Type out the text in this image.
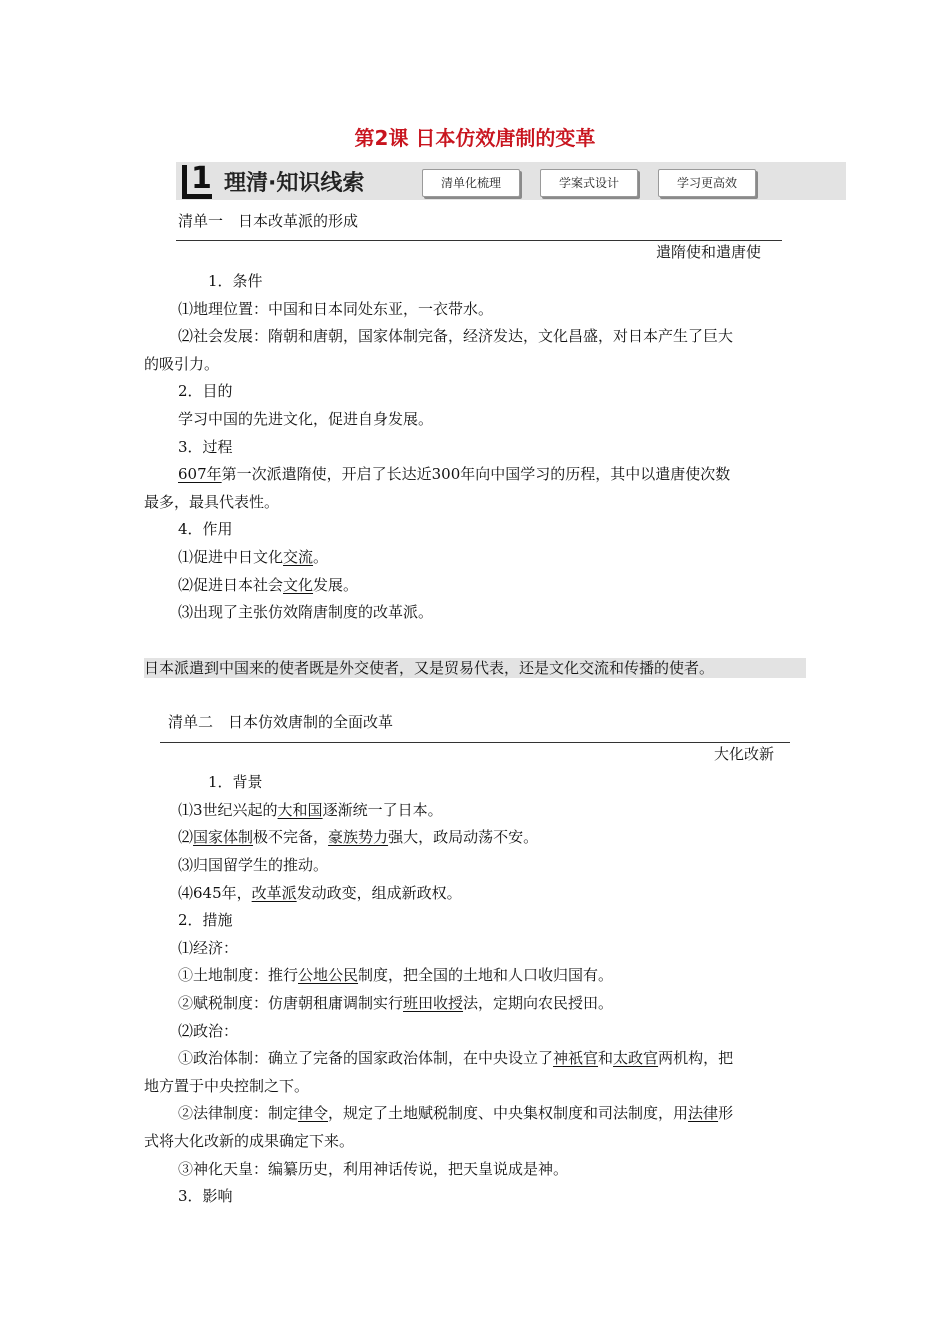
第2课 日本仿效唐制的变革
1 理清·知识线索	清单化梳理	学案式设计	学习更高效
清单一　日本改革派的形成
遣隋使和遣唐使
1．条件
⑴地理位置：中国和日本同处东亚，一衣带水。
⑵社会发展：隋朝和唐朝，国家体制完备，经济发达，文化昌盛，对日本产生了巨大
的吸引力。
2．目的
学习中国的先进文化，促进自身发展。
3．过程
607年第一次派遣隋使，开启了长达近300年向中国学习的历程，其中以遣唐使次数
最多，最具代表性。
4．作用
⑴促进中日文化交流。
⑵促进日本社会文化发展。
⑶出现了主张仿效隋唐制度的改革派。
日本派遣到中国来的使者既是外交使者，又是贸易代表，还是文化交流和传播的使者。
清单二　日本仿效唐制的全面改革
大化改新
1．背景
⑴3世纪兴起的大和国逐渐统一了日本。
⑵国家体制极不完备，豪族势力强大，政局动荡不安。
⑶归国留学生的推动。
⑷645年，改革派发动政变，组成新政权。
2．措施
⑴经济：
①土地制度：推行公地公民制度，把全国的土地和人口收归国有。
②赋税制度：仿唐朝租庸调制实行班田收授法，定期向农民授田。
⑵政治：
①政治体制：确立了完备的国家政治体制，在中央设立了神祇官和太政官两机构，把
地方置于中央控制之下。
②法律制度：制定律令，规定了土地赋税制度、中央集权制度和司法制度，用法律形
式将大化改新的成果确定下来。
③神化天皇：编纂历史，利用神话传说，把天皇说成是神。
3．影响
